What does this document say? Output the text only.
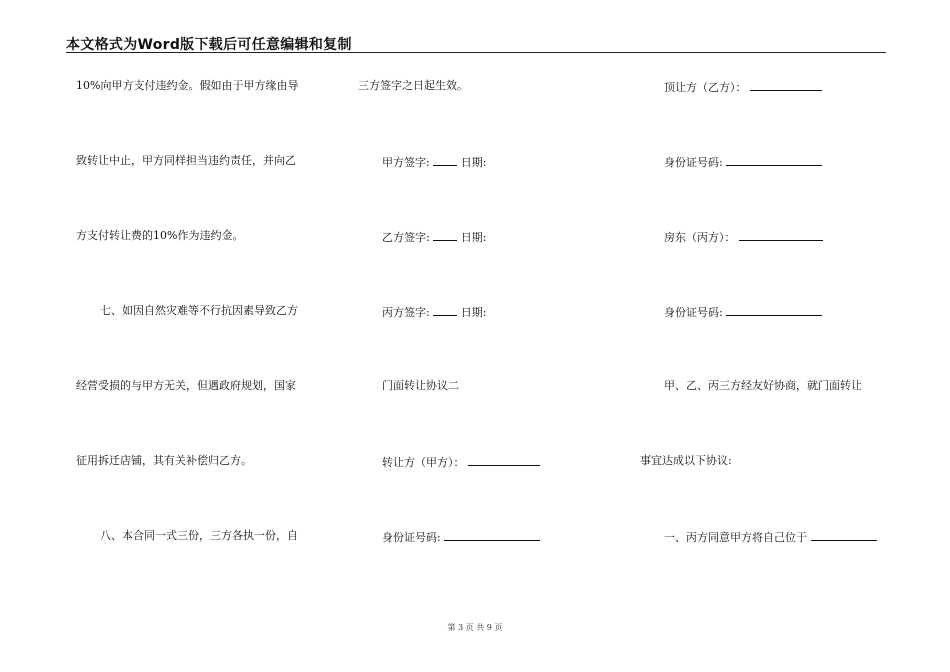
本文格式为Word版下载后可任意编辑和复制
10%向甲方支付违约金。假如由于甲方缘由导
致转让中止，甲方同样担当违约责任，并向乙
方支付转让费的10%作为违约金。
七、如因自然灾难等不行抗因素导致乙方
经营受损的与甲方无关，但遇政府规划，国家
征用拆迁店铺，其有关补偿归乙方。
八、本合同一式三份，三方各执一份，自
三方签字之日起生效。
甲方签字:	日期:
乙方签字:	日期:
丙方签字:	日期:
门面转让协议二
转让方（甲方）：
身份证号码:
顶让方（乙方）：
身份证号码:
房东（丙方）：
身份证号码:
甲、乙、丙三方经友好协商，就门面转让
事宜达成以下协议:
一、丙方同意甲方将自己位于
第 3 页 共 9 页
